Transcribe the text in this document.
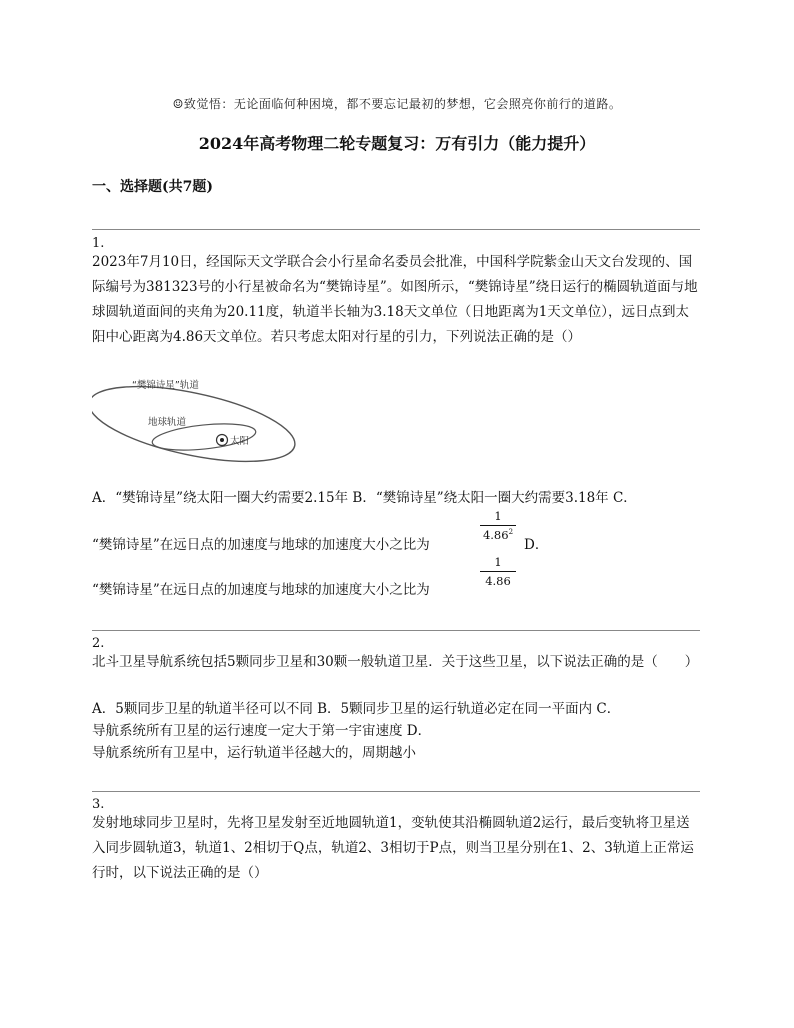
☺致觉悟：无论面临何种困境，都不要忘记最初的梦想，它会照亮你前行的道路。
2024年高考物理二轮专题复习：万有引力（能力提升）
一、选择题(共7题)
1.
2023年7月10日，经国际天文学联合会小行星命名委员会批准，中国科学院紫金山天文台发现的、国际编号为381323号的小行星被命名为“樊锦诗星”。如图所示，“樊锦诗星”绕日运行的椭圆轨道面与地球圆轨道面间的夹角为20.11度，轨道半长轴为3.18天文单位（日地距离为1天文单位），远日点到太阳中心距离为4.86天文单位。若只考虑太阳对行星的引力，下列说法正确的是（）
“樊锦诗星”轨道
地球轨道
太阳
A．“樊锦诗星”绕太阳一圈大约需要2.15年 B．“樊锦诗星”绕太阳一圈大约需要3.18年 C．
“樊锦诗星”在远日点的加速度与地球的加速度大小之比为
$\frac{1}{4.86^2}$
D．
“樊锦诗星”在远日点的加速度与地球的加速度大小之比为
$\frac{1}{4.86}$
2.
北斗卫星导航系统包括5颗同步卫星和30颗一般轨道卫星．关于这些卫星，以下说法正确的是（　　）
A．5颗同步卫星的轨道半径可以不同 B．5颗同步卫星的运行轨道必定在同一平面内 C．
导航系统所有卫星的运行速度一定大于第一宇宙速度 D．
导航系统所有卫星中，运行轨道半径越大的，周期越小
3.
发射地球同步卫星时，先将卫星发射至近地圆轨道1，变轨使其沿椭圆轨道2运行，最后变轨将卫星送入同步圆轨道3，轨道1、2相切于Q点，轨道2、3相切于P点，则当卫星分别在1、2、3轨道上正常运行时，以下说法正确的是（）
